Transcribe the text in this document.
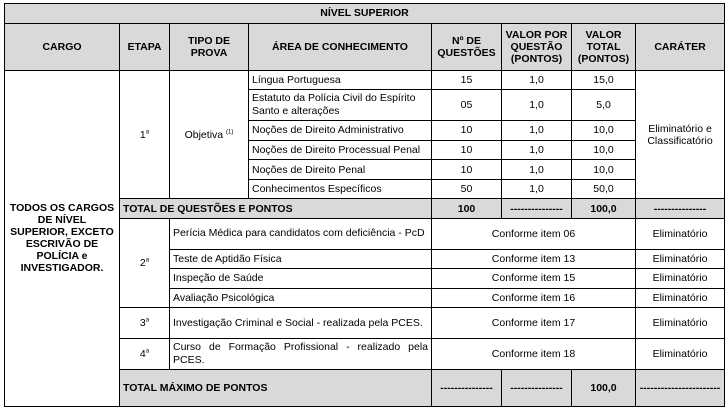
NÍVEL SUPERIOR							
CARGO	ETAPA	TIPO DE PROVA	ÁREA DE CONHECIMENTO	Nº DE QUESTÕES	VALOR POR QUESTÃO (PONTOS)	VALOR TOTAL (PONTOS)	CARÁTER
TODOS OS CARGOS DE NÍVEL SUPERIOR, EXCETO ESCRIVÃO DE POLÍCIA e INVESTIGADOR.	1$^a$	Objetiva $^{(1)}$	Língua Portuguesa	15	1,0	15,0	Eliminatório e Classificatório
			Estatuto da Polícia Civil do Espírito Santo e alterações	05	1,0	5,0	
			Noções de Direito Administrativo	10	1,0	10,0	
			Noções de Direito Processual Penal	10	1,0	10,0	
			Noções de Direito Penal	10	1,0	10,0	
			Conhecimentos Específicos	50	1,0	50,0	
	TOTAL DE QUESTÕES E PONTOS			100	---------------	100,0	---------------
	2$^a$	Perícia Médica para candidatos com deficiência - PcD		Conforme item 06			Eliminatório
		Teste de Aptidão Física		Conforme item 13			Eliminatório
		Inspeção de Saúde		Conforme item 15			Eliminatório
		Avaliação Psicológica		Conforme item 16			Eliminatório
	3$^a$	Investigação Criminal e Social - realizada pela PCES.		Conforme item 17			Eliminatório
	4$^a$	Curso de Formação Profissional - realizado pela PCES.		Conforme item 18			Eliminatório
	TOTAL MÁXIMO DE PONTOS			---------------	---------------	100,0	-----------------------
